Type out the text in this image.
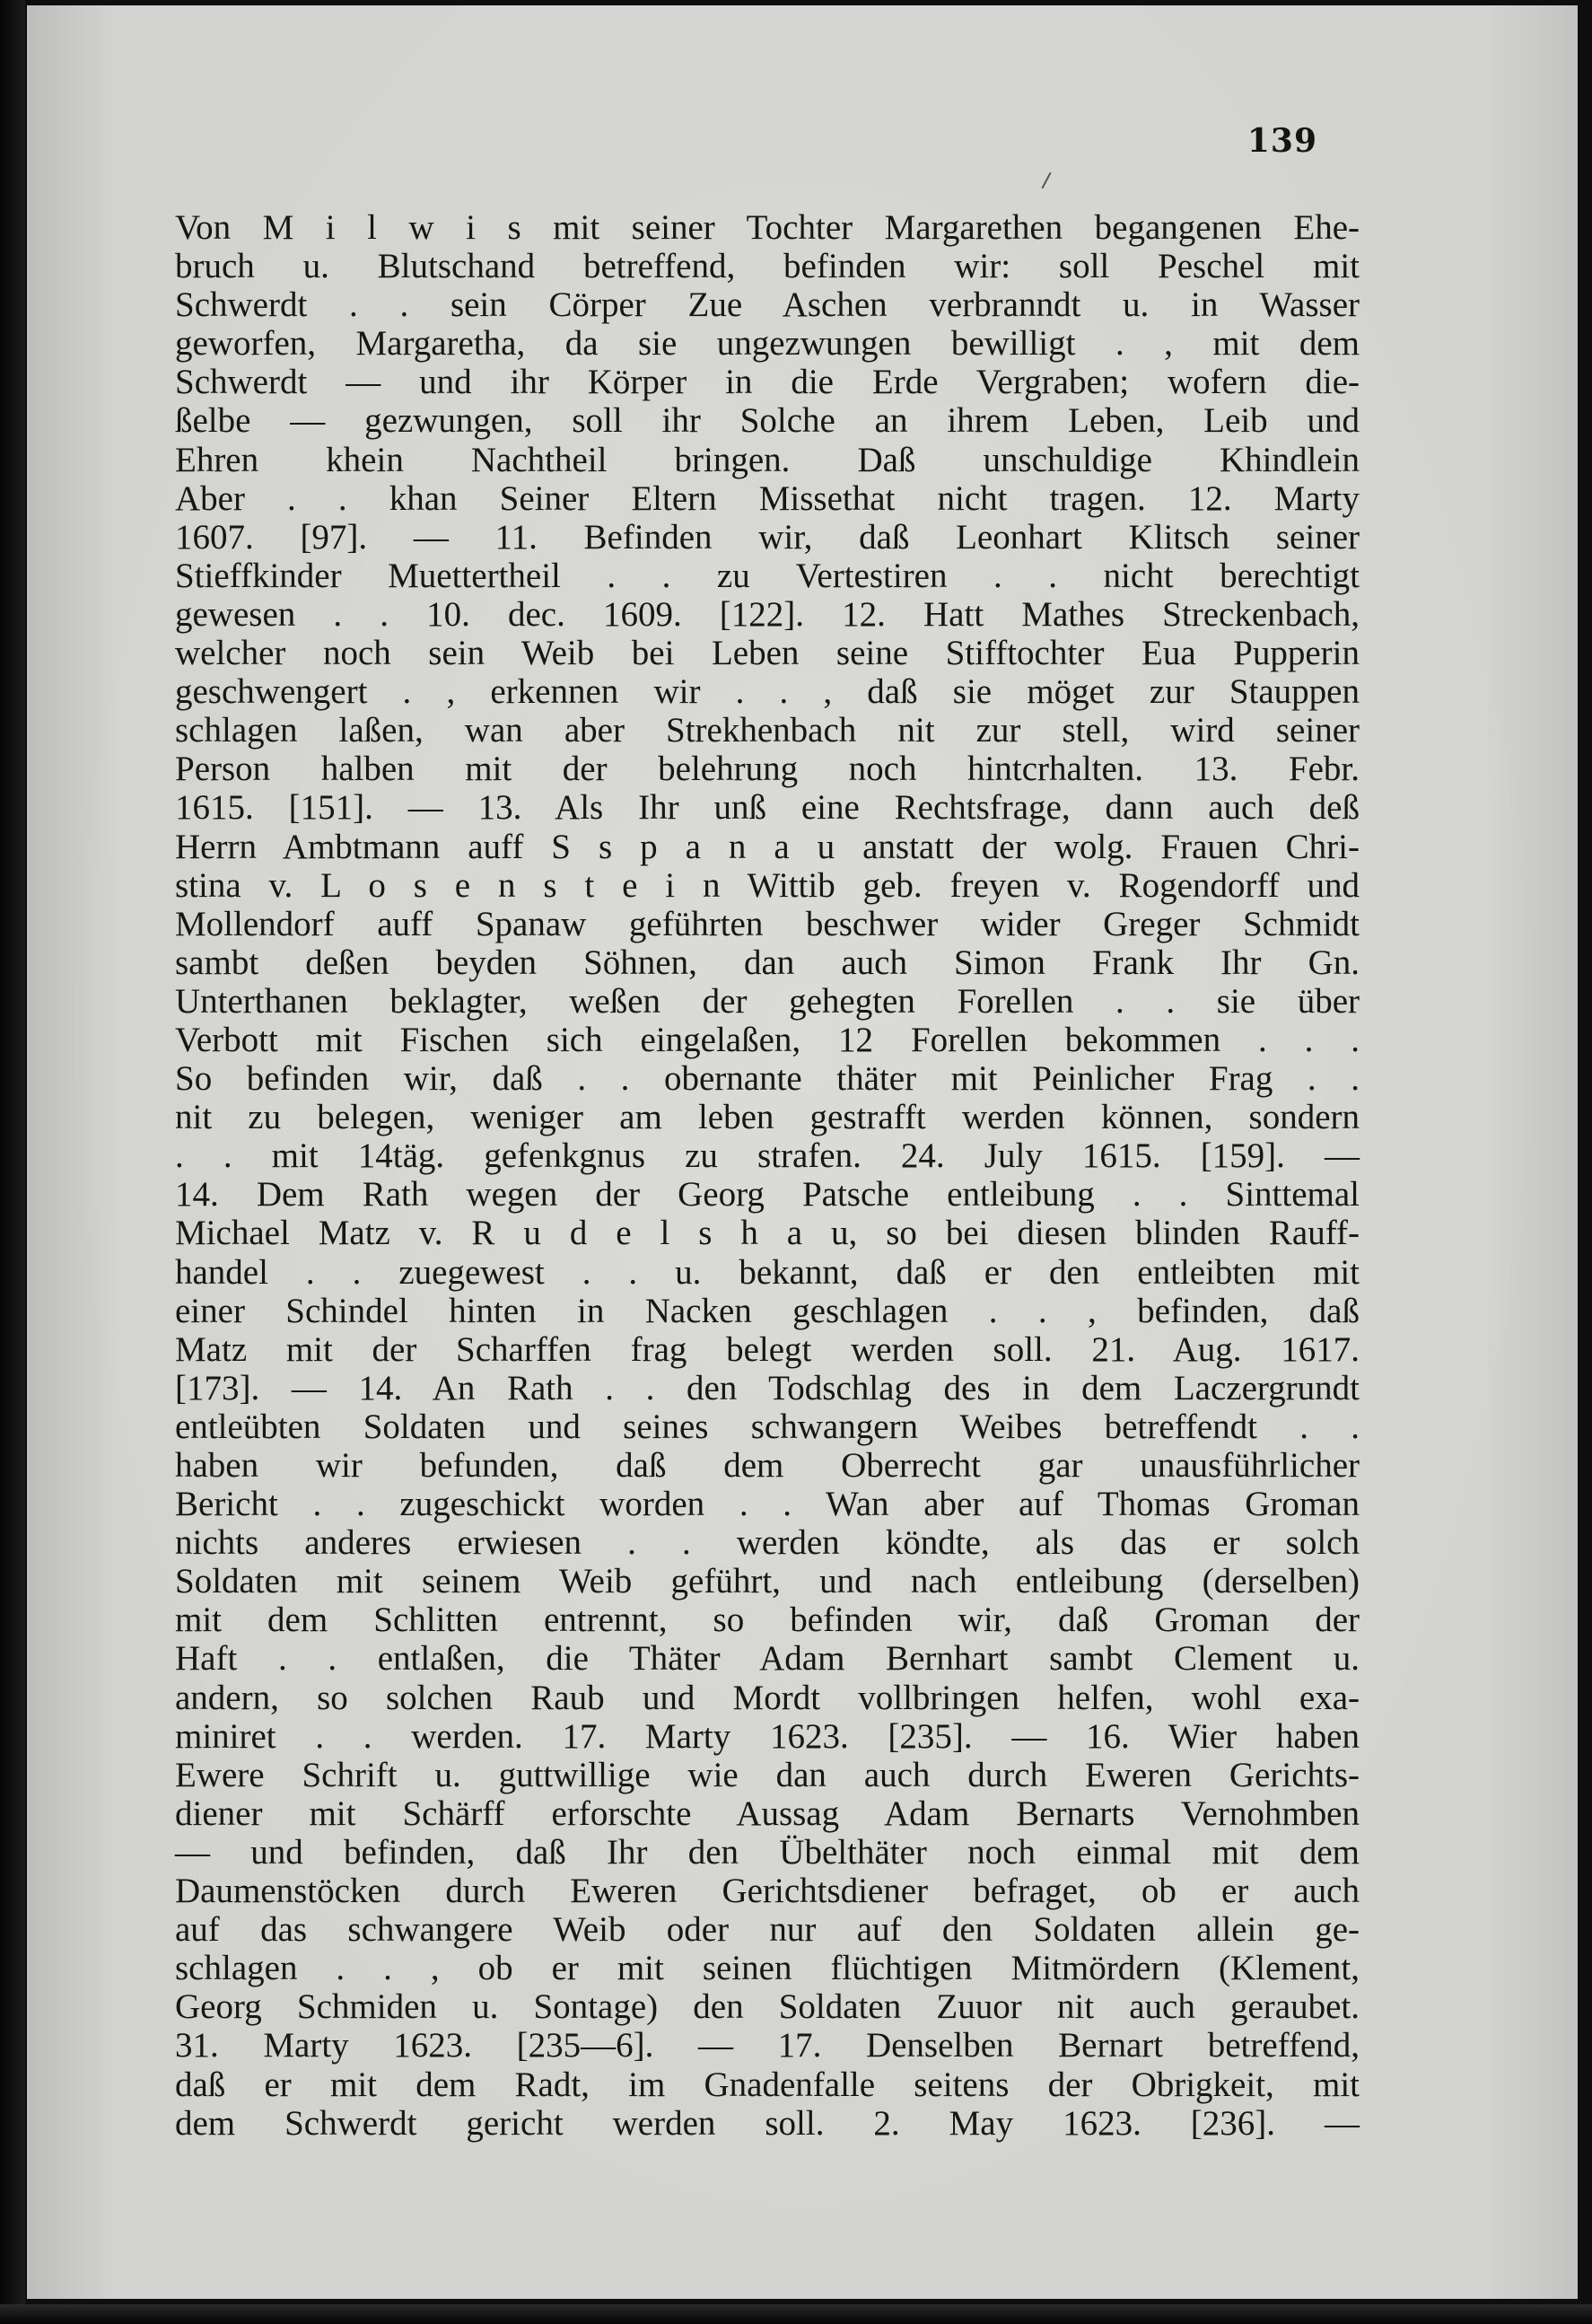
139
Von M i l w i s mit seiner Tochter Margarethen begangenen Ehe-
bruch u. Blutschand betreffend, befinden wir: soll Peschel mit
Schwerdt . . sein Cörper Zue Aschen verbranndt u. in Wasser
geworfen, Margaretha, da sie ungezwungen bewilligt . , mit dem
Schwerdt — und ihr Körper in die Erde Vergraben; wofern die-
ßelbe — gezwungen, soll ihr Solche an ihrem Leben, Leib und
Ehren khein Nachtheil bringen. Daß unschuldige Khindlein
Aber . . khan Seiner Eltern Missethat nicht tragen. 12. Marty
1607. [97]. — 11. Befinden wir, daß Leonhart Klitsch seiner
Stieffkinder Muettertheil . . zu Vertestiren . . nicht berechtigt
gewesen . . 10. dec. 1609. [122]. 12. Hatt Mathes Streckenbach,
welcher noch sein Weib bei Leben seine Stifftochter Eua Pupperin
geschwengert . , erkennen wir . . , daß sie möget zur Stauppen
schlagen laßen, wan aber Strekhenbach nit zur stell, wird seiner
Person halben mit der belehrung noch hintcrhalten. 13. Febr.
1615. [151]. — 13. Als Ihr unß eine Rechtsfrage, dann auch deß
Herrn Ambtmann auff S s p a n a u anstatt der wolg. Frauen Chri-
stina v. L o s e n s t e i n Wittib geb. freyen v. Rogendorff und
Mollendorf auff Spanaw geführten beschwer wider Greger Schmidt
sambt deßen beyden Söhnen, dan auch Simon Frank Ihr Gn.
Unterthanen beklagter, weßen der gehegten Forellen . . sie über
Verbott mit Fischen sich eingelaßen, 12 Forellen bekommen . . .
So befinden wir, daß . . obernante thäter mit Peinlicher Frag . .
nit zu belegen, weniger am leben gestrafft werden können, sondern
. . mit 14täg. gefenkgnus zu strafen. 24. July 1615. [159]. —
14. Dem Rath wegen der Georg Patsche entleibung . . Sinttemal
Michael Matz v. R u d e l s h a u, so bei diesen blinden Rauff-
handel . . zuegewest . . u. bekannt, daß er den entleibten mit
einer Schindel hinten in Nacken geschlagen . . , befinden, daß
Matz mit der Scharffen frag belegt werden soll. 21. Aug. 1617.
[173]. — 14. An Rath . . den Todschlag des in dem Laczergrundt
entleübten Soldaten und seines schwangern Weibes betreffendt . .
haben wir befunden, daß dem Oberrecht gar unausführlicher
Bericht . . zugeschickt worden . . Wan aber auf Thomas Groman
nichts anderes erwiesen . . werden köndte, als das er solch
Soldaten mit seinem Weib geführt, und nach entleibung (derselben)
mit dem Schlitten entrennt, so befinden wir, daß Groman der
Haft . . entlaßen, die Thäter Adam Bernhart sambt Clement u.
andern, so solchen Raub und Mordt vollbringen helfen, wohl exa-
miniret . . werden. 17. Marty 1623. [235]. — 16. Wier haben
Ewere Schrift u. guttwillige wie dan auch durch Eweren Gerichts-
diener mit Schärff erforschte Aussag Adam Bernarts Vernohmben
— und befinden, daß Ihr den Übelthäter noch einmal mit dem
Daumenstöcken durch Eweren Gerichtsdiener befraget, ob er auch
auf das schwangere Weib oder nur auf den Soldaten allein ge-
schlagen . . , ob er mit seinen flüchtigen Mitmördern (Klement,
Georg Schmiden u. Sontage) den Soldaten Zuuor nit auch geraubet.
31. Marty 1623. [235—6]. — 17. Denselben Bernart betreffend,
daß er mit dem Radt, im Gnadenfalle seitens der Obrigkeit, mit
dem Schwerdt gericht werden soll. 2. May 1623. [236]. —
